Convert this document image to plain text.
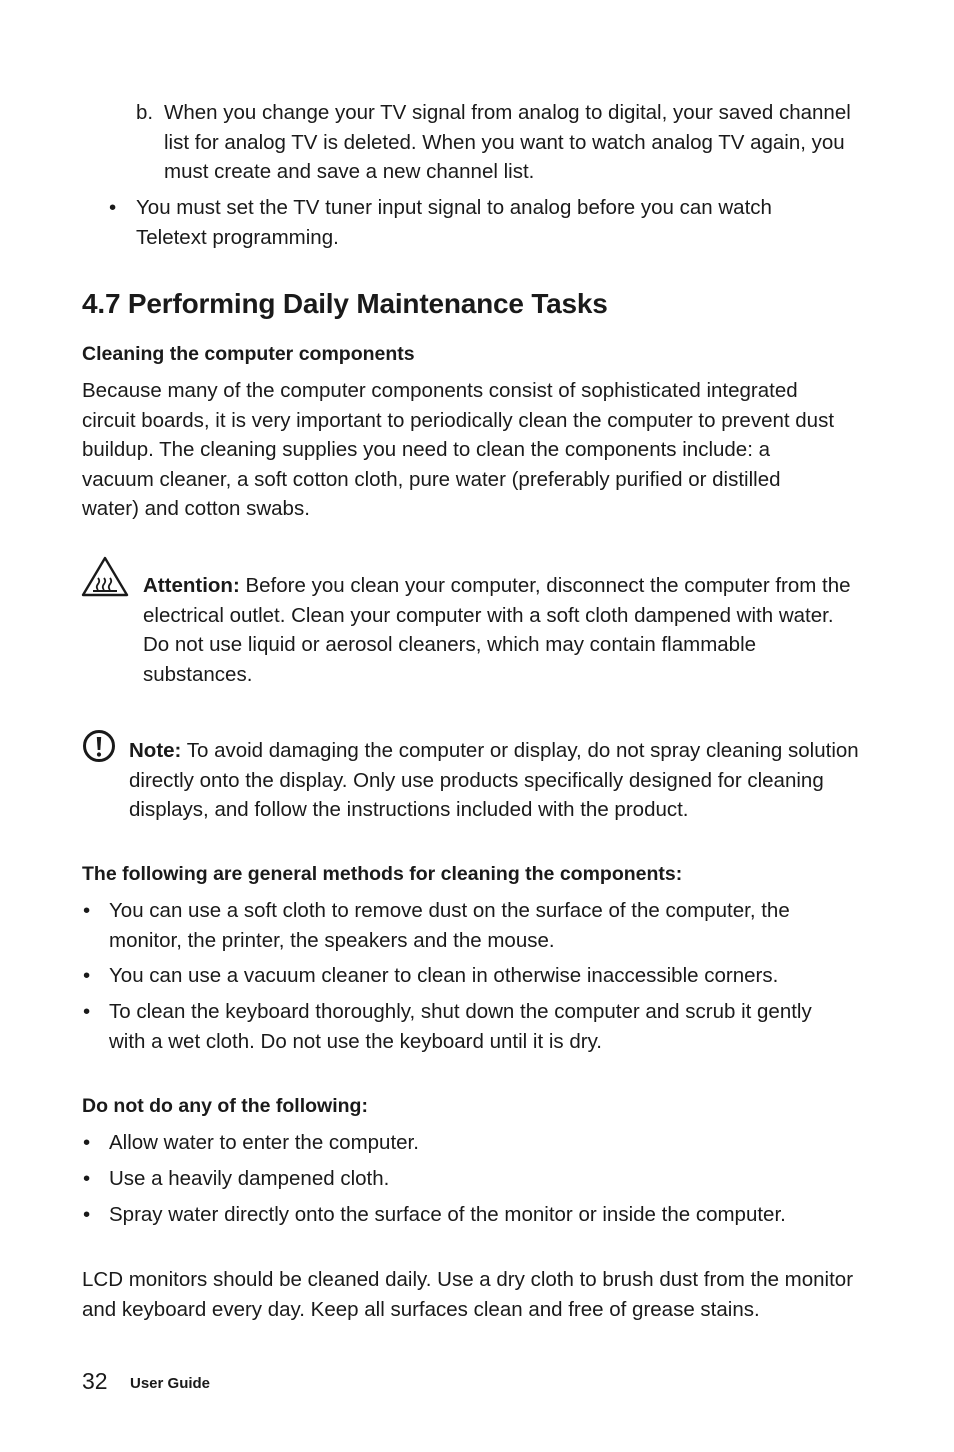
b. When you change your TV signal from analog to digital, your saved channel list for analog TV is deleted. When you want to watch analog TV again, you must create and save a new channel list.
• You must set the TV tuner input signal to analog before you can watch Teletext programming.
4.7 Performing Daily Maintenance Tasks
Cleaning the computer components
Because many of the computer components consist of sophisticated integrated circuit boards, it is very important to periodically clean the computer to prevent dust buildup. The cleaning supplies you need to clean the components include: a vacuum cleaner, a soft cotton cloth, pure water (preferably purified or distilled water) and cotton swabs.
Attention: Before you clean your computer, disconnect the computer from the electrical outlet. Clean your computer with a soft cloth dampened with water. Do not use liquid or aerosol cleaners, which may contain flammable substances.
Note: To avoid damaging the computer or display, do not spray cleaning solution directly onto the display. Only use products specifically designed for cleaning displays, and follow the instructions included with the product.
The following are general methods for cleaning the components:
• You can use a soft cloth to remove dust on the surface of the computer, the monitor, the printer, the speakers and the mouse.
• You can use a vacuum cleaner to clean in otherwise inaccessible corners.
• To clean the keyboard thoroughly, shut down the computer and scrub it gently with a wet cloth. Do not use the keyboard until it is dry.
Do not do any of the following:
• Allow water to enter the computer.
• Use a heavily dampened cloth.
• Spray water directly onto the surface of the monitor or inside the computer.
LCD monitors should be cleaned daily. Use a dry cloth to brush dust from the monitor and keyboard every day. Keep all surfaces clean and free of grease stains.
32 User Guide
